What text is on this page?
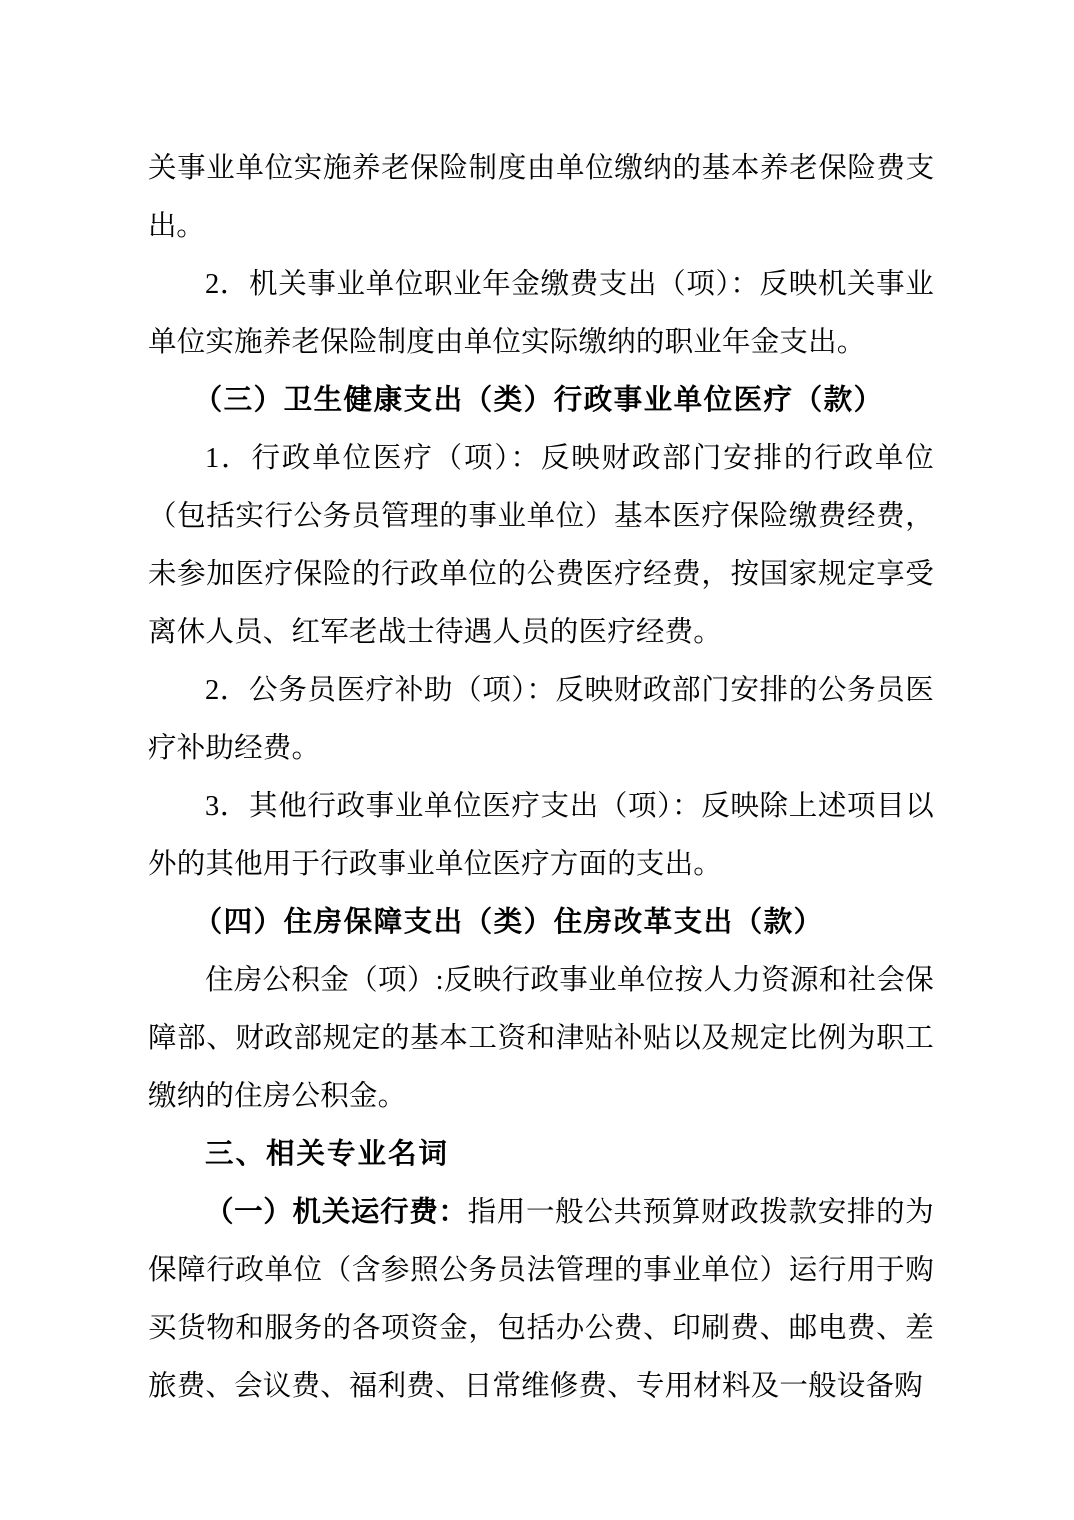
关事业单位实施养老保险制度由单位缴纳的基本养老保险费支出。

2．机关事业单位职业年金缴费支出（项）：反映机关事业单位实施养老保险制度由单位实际缴纳的职业年金支出。

（三）卫生健康支出（类）行政事业单位医疗（款）

1．行政单位医疗（项）：反映财政部门安排的行政单位（包括实行公务员管理的事业单位）基本医疗保险缴费经费，未参加医疗保险的行政单位的公费医疗经费，按国家规定享受离休人员、红军老战士待遇人员的医疗经费。

2．公务员医疗补助（项）：反映财政部门安排的公务员医疗补助经费。

3．其他行政事业单位医疗支出（项）：反映除上述项目以外的其他用于行政事业单位医疗方面的支出。

（四）住房保障支出（类）住房改革支出（款）

住房公积金（项）:反映行政事业单位按人力资源和社会保障部、财政部规定的基本工资和津贴补贴以及规定比例为职工缴纳的住房公积金。

三、相关专业名词

（一）机关运行费：指用一般公共预算财政拨款安排的为保障行政单位（含参照公务员法管理的事业单位）运行用于购买货物和服务的各项资金，包括办公费、印刷费、邮电费、差旅费、会议费、福利费、日常维修费、专用材料及一般设备购
